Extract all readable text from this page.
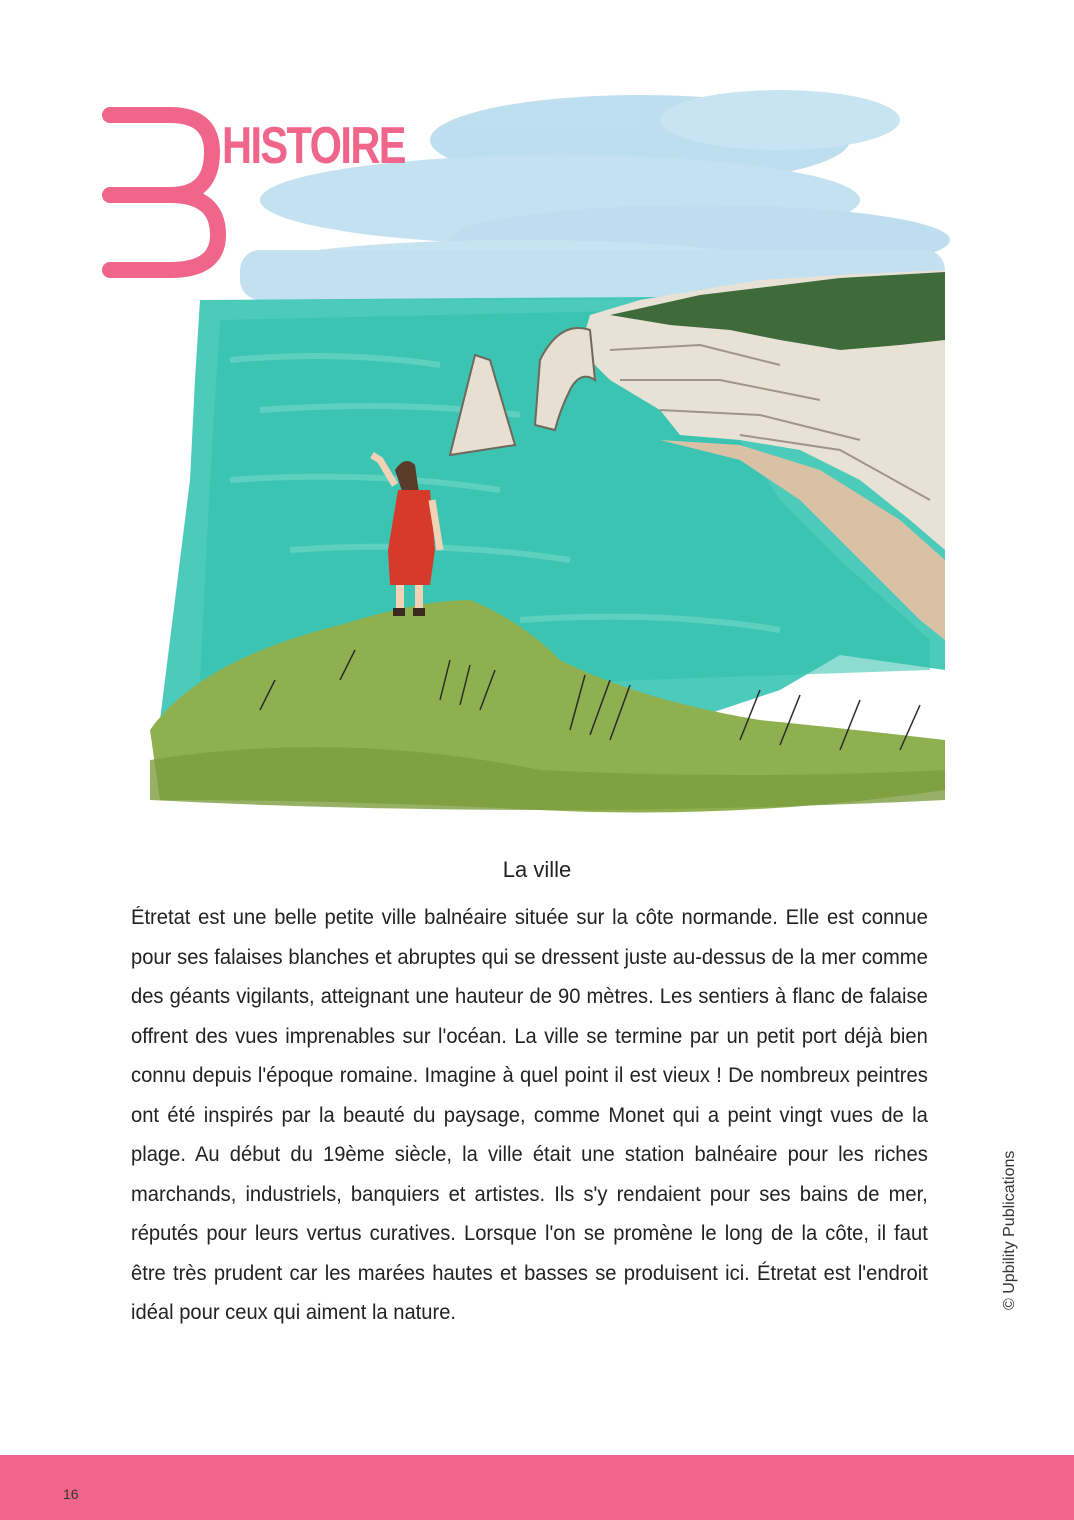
HISTOIRE
La ville

Étretat est une belle petite ville balnéaire située sur la côte normande. Elle est connue pour ses falaises blanches et abruptes qui se dressent juste au-dessus de la mer comme des géants vigilants, atteignant une hauteur de 90 mètres. Les sentiers à flanc de falaise offrent des vues imprenables sur l'océan. La ville se termine par un petit port déjà bien connu depuis l'époque romaine. Imagine à quel point il est vieux ! De nombreux peintres ont été inspirés par la beauté du paysage, comme Monet qui a peint vingt vues de la plage. Au début du 19ème siècle, la ville était une station balnéaire pour les riches marchands, industriels, banquiers et artistes. Ils s'y rendaient pour ses bains de mer, réputés pour leurs vertus curatives. Lorsque l'on se promène le long de la côte, il faut être très prudent car les marées hautes et basses se produisent ici. Étretat est l'endroit idéal pour ceux qui aiment la nature.

© Upbility Publications
16
